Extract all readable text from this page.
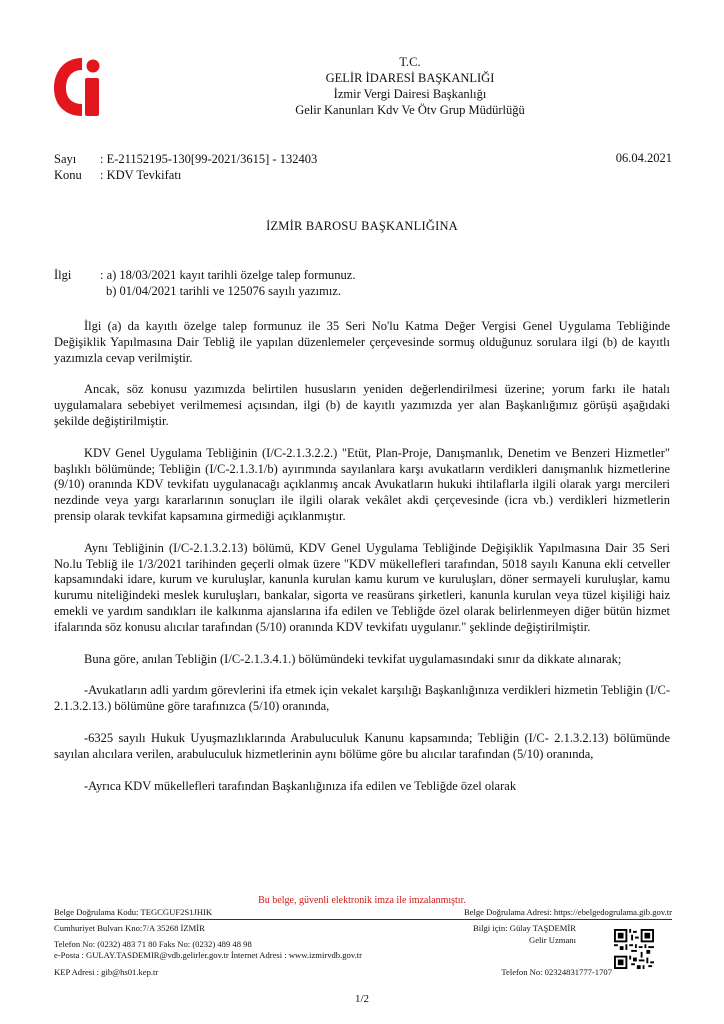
T.C.
GELİR İDARESİ BAŞKANLIĞI
İzmir Vergi Dairesi Başkanlığı
Gelir Kanunları Kdv Ve Ötv Grup Müdürlüğü
Sayı : E-21152195-130[99-2021/3615] - 132403
Konu : KDV Tevkifatı
06.04.2021
İZMİR BAROSU BAŞKANLIĞINA
İlgi : a) 18/03/2021 kayıt tarihli özelge talep formunuz.
b) 01/04/2021 tarihli ve 125076 sayılı yazımız.

İlgi (a) da kayıtlı özelge talep formunuz ile 35 Seri No'lu Katma Değer Vergisi Genel Uygulama Tebliğinde Değişiklik Yapılmasına Dair Tebliğ ile yapılan düzenlemeler çerçevesinde sormuş olduğunuz sorulara ilgi (b) de kayıtlı yazımızla cevap verilmiştir.

Ancak, söz konusu yazımızda belirtilen hususların yeniden değerlendirilmesi üzerine; yorum farkı ile hatalı uygulamalara sebebiyet verilmemesi açısından, ilgi (b) de kayıtlı yazımızda yer alan Başkanlığımız görüşü aşağıdaki şekilde değiştirilmiştir.

KDV Genel Uygulama Tebliğinin (I/C-2.1.3.2.2.) "Etüt, Plan-Proje, Danışmanlık, Denetim ve Benzeri Hizmetler" başlıklı bölümünde; Tebliğin (I/C-2.1.3.1/b) ayırımında sayılanlara karşı avukatların verdikleri danışmanlık hizmetlerine (9/10) oranında KDV tevkifatı uygulanacağı açıklanmış ancak Avukatların hukuki ihtilaflarla ilgili olarak yargı mercileri nezdinde veya yargı kararlarının sonuçları ile ilgili olarak vekâlet akdi çerçevesinde (icra vb.) verdikleri hizmetlerin prensip olarak tevkifat kapsamına girmediği açıklanmıştır.

Aynı Tebliğinin (I/C-2.1.3.2.13) bölümü, KDV Genel Uygulama Tebliğinde Değişiklik Yapılmasına Dair 35 Seri No.lu Tebliğ ile 1/3/2021 tarihinden geçerli olmak üzere "KDV mükellefleri tarafından, 5018 sayılı Kanuna ekli cetveller kapsamındaki idare, kurum ve kuruluşlar, kanunla kurulan kamu kurum ve kuruluşları, döner sermayeli kuruluşlar, kamu kurumu niteliğindeki meslek kuruluşları, bankalar, sigorta ve reasürans şirketleri, kanunla kurulan veya tüzel kişiliği haiz emekli ve yardım sandıkları ile kalkınma ajanslarına ifa edilen ve Tebliğde özel olarak belirlenmeyen diğer bütün hizmet ifalarında söz konusu alıcılar tarafından (5/10) oranında KDV tevkifatı uygulanır." şeklinde değiştirilmiştir.

Buna göre, anılan Tebliğin (I/C-2.1.3.4.1.) bölümündeki tevkifat uygulamasındaki sınır da dikkate alınarak;

-Avukatların adli yardım görevlerini ifa etmek için vekalet karşılığı Başkanlığınıza verdikleri hizmetin Tebliğin (I/C-2.1.3.2.13.) bölümüne göre tarafınızca (5/10) oranında,

-6325 sayılı Hukuk Uyuşmazlıklarında Arabuluculuk Kanunu kapsamında; Tebliğin (I/C- 2.1.3.2.13) bölümünde sayılan alıcılara verilen, arabuluculuk hizmetlerinin aynı bölüme göre bu alıcılar tarafından (5/10) oranında,

-Ayrıca KDV mükellefleri tarafından Başkanlığınıza ifa edilen ve Tebliğde özel olarak

Bu belge, güvenli elektronik imza ile imzalanmıştır.
Belge Doğrulama Kodu: TEGCGUF2S1JHIK	Belge Doğrulama Adresi: https://ebelgedogrulama.gib.gov.tr
Cumhuriyet Bulvarı Kno:7/A 35268 İZMİR
Telefon No: (0232) 483 71 80 Faks No: (0232) 489 48 98
e-Posta : GULAY.TASDEMIR@vdb.gelirler.gov.tr İnternet Adresi : www.izmirvdb.gov.tr
KEP Adresi : gib@hs01.kep.tr
Bilgi için: Gülay TAŞDEMİR
Gelir Uzmanı
Telefon No: 02324831777-1707
1/2
